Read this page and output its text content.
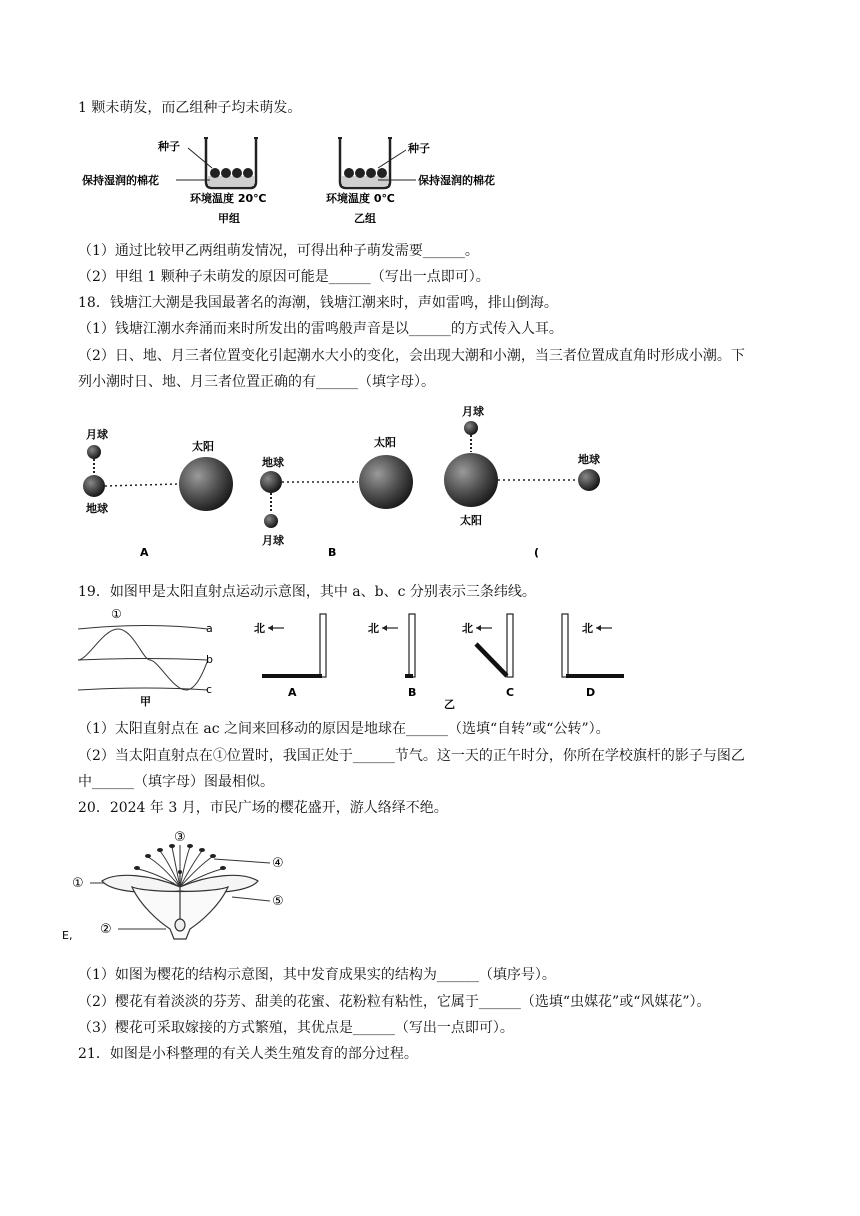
1 颗未萌发，而乙组种子均未萌发。
种子
保持湿润的棉花
环境温度 20℃
甲组
种子
保持湿润的棉花
环境温度 0℃
乙组
（1）通过比较甲乙两组萌发情况，可得出种子萌发需要______。
（2）甲组 1 颗种子未萌发的原因可能是______（写出一点即可）。
18．钱塘江大潮是我国最著名的海潮，钱塘江潮来时，声如雷鸣，排山倒海。
（1）钱塘江潮水奔涌而来时所发出的雷鸣般声音是以______的方式传入人耳。
（2）日、地、月三者位置变化引起潮水大小的变化，会出现大潮和小潮，当三者位置成直角时形成小潮。下
列小潮时日、地、月三者位置正确的有______（填字母）。
月球
太阳
地球
A
地球
月球
太阳
B
月球
地球
太阳
(
19．如图甲是太阳直射点运动示意图，其中 a、b、c 分别表示三条纬线。
①
a
b
c
甲
北
A
北
B
北
C
北
D
乙
（1）太阳直射点在 ac 之间来回移动的原因是地球在______（选填“自转”或“公转”）。
（2）当太阳直射点在①位置时，我国正处于______节气。这一天的正午时分，你所在学校旗杆的影子与图乙
中______（填字母）图最相似。
20．2024 年 3 月，市民广场的樱花盛开，游人络绎不绝。
E,
③
④
①
⑤
②
（1）如图为樱花的结构示意图，其中发育成果实的结构为______（填序号）。
（2）樱花有着淡淡的芬芳、甜美的花蜜、花粉粒有粘性，它属于______（选填“虫媒花”或“风媒花”）。
（3）樱花可采取嫁接的方式繁殖，其优点是______（写出一点即可）。
21．如图是小科整理的有关人类生殖发育的部分过程。
